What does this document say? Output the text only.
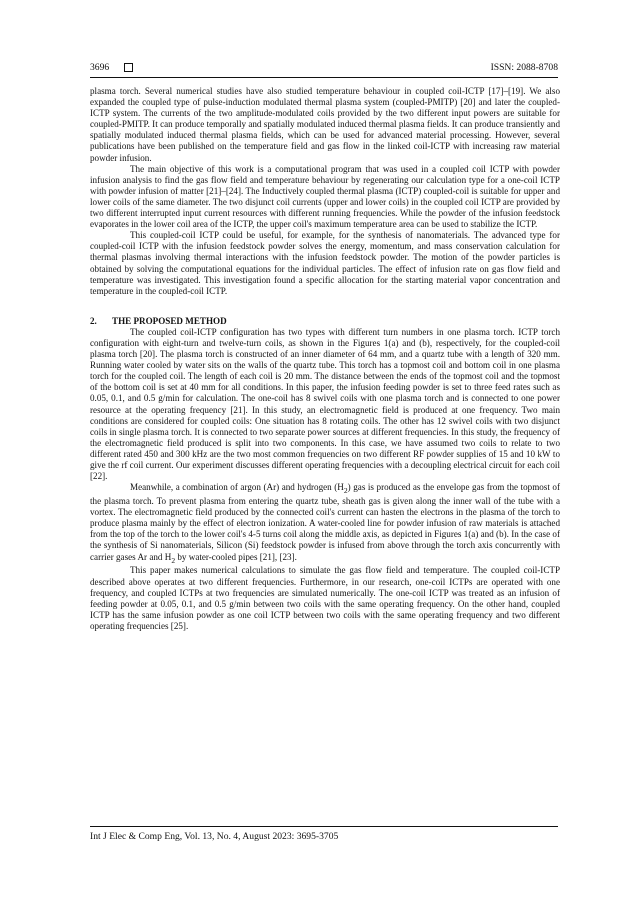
3696	ISSN: 2088-8708

plasma torch. Several numerical studies have also studied temperature behaviour in coupled coil-ICTP [17]–[19]. We also expanded the coupled type of pulse-induction modulated thermal plasma system (coupled-PMITP) [20] and later the coupled-ICTP system. The currents of the two amplitude-modulated coils provided by the two different input powers are suitable for coupled-PMITP. It can produce temporally and spatially modulated induced thermal plasma fields. It can produce transiently and spatially modulated induced thermal plasma fields, which can be used for advanced material processing. However, several publications have been published on the temperature field and gas flow in the linked coil-ICTP with increasing raw material powder infusion.

The main objective of this work is a computational program that was used in a coupled coil ICTP with powder infusion analysis to find the gas flow field and temperature behaviour by regenerating our calculation type for a one-coil ICTP with powder infusion of matter [21]–[24]. The Inductively coupled thermal plasma (ICTP) coupled-coil is suitable for upper and lower coils of the same diameter. The two disjunct coil currents (upper and lower coils) in the coupled coil ICTP are provided by two different interrupted input current resources with different running frequencies. While the powder of the infusion feedstock evaporates in the lower coil area of the ICTP, the upper coil's maximum temperature area can be used to stabilize the ICTP.

This coupled-coil ICTP could be useful, for example, for the synthesis of nanomaterials. The advanced type for coupled-coil ICTP with the infusion feedstock powder solves the energy, momentum, and mass conservation calculation for thermal plasmas involving thermal interactions with the infusion feedstock powder. The motion of the powder particles is obtained by solving the computational equations for the individual particles. The effect of infusion rate on gas flow field and temperature was investigated. This investigation found a specific allocation for the starting material vapor concentration and temperature in the coupled-coil ICTP.

2.	THE PROPOSED METHOD

The coupled coil-ICTP configuration has two types with different turn numbers in one plasma torch. ICTP torch configuration with eight-turn and twelve-turn coils, as shown in the Figures 1(a) and (b), respectively, for the coupled-coil plasma torch [20]. The plasma torch is constructed of an inner diameter of 64 mm, and a quartz tube with a length of 320 mm. Running water cooled by water sits on the walls of the quartz tube. This torch has a topmost coil and bottom coil in one plasma torch for the coupled coil. The length of each coil is 20 mm. The distance between the ends of the topmost coil and the topmost of the bottom coil is set at 40 mm for all conditions. In this paper, the infusion feeding powder is set to three feed rates such as 0.05, 0.1, and 0.5 g/min for calculation. The one-coil has 8 swivel coils with one plasma torch and is connected to one power resource at the operating frequency [21]. In this study, an electromagnetic field is produced at one frequency. Two main conditions are considered for coupled coils: One situation has 8 rotating coils. The other has 12 swivel coils with two disjunct coils in single plasma torch. It is connected to two separate power sources at different frequencies. In this study, the frequency of the electromagnetic field produced is split into two components. In this case, we have assumed two coils to relate to two different rated 450 and 300 kHz are the two most common frequencies on two different RF powder supplies of 15 and 10 kW to give the rf coil current. Our experiment discusses different operating frequencies with a decoupling electrical circuit for each coil [22].

Meanwhile, a combination of argon (Ar) and hydrogen $(H_2)$ gas is produced as the envelope gas from the topmost of the plasma torch. To prevent plasma from entering the quartz tube, sheath gas is given along the inner wall of the tube with a vortex. The electromagnetic field produced by the connected coil's current can hasten the electrons in the plasma of the torch to produce plasma mainly by the effect of electron ionization. A water-cooled line for powder infusion of raw materials is attached from the top of the torch to the lower coil's 4-5 turns coil along the middle axis, as depicted in Figures 1(a) and (b). In the case of the synthesis of Si nanomaterials, Silicon (Si) feedstock powder is infused from above through the torch axis concurrently with carrier gases Ar and $H_2$ by water-cooled pipes [21], [23].

This paper makes numerical calculations to simulate the gas flow field and temperature. The coupled coil-ICTP described above operates at two different frequencies. Furthermore, in our research, one-coil ICTPs are operated with one frequency, and coupled ICTPs at two frequencies are simulated numerically. The one-coil ICTP was treated as an infusion of feeding powder at 0.05, 0.1, and 0.5 g/min between two coils with the same operating frequency. On the other hand, coupled ICTP has the same infusion powder as one coil ICTP between two coils with the same operating frequency and two different operating frequencies [25].

Int J Elec & Comp Eng, Vol. 13, No. 4, August 2023: 3695-3705
